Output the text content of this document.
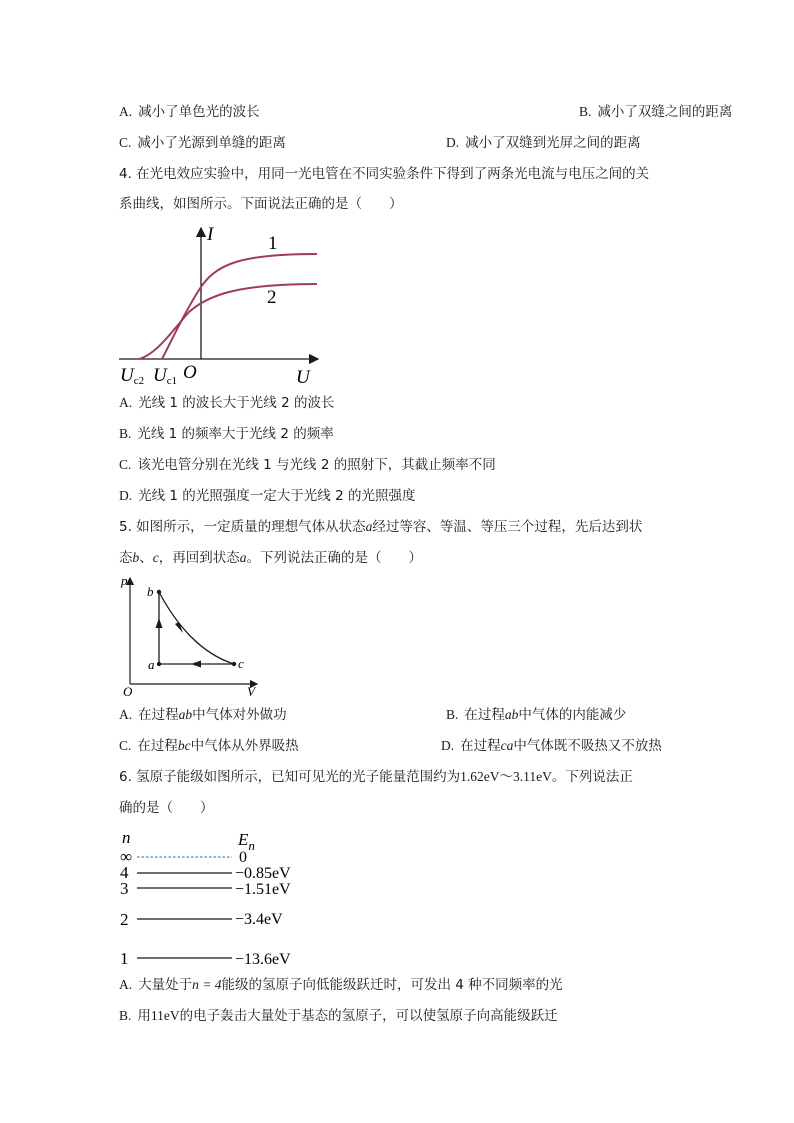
A. 减小了单色光的波长	B. 减小了双缝之间的距离
C. 减小了光源到单缝的距离	D. 减小了双缝到光屏之间的距离
4. 在光电效应实验中，用同一光电管在不同实验条件下得到了两条光电流与电压之间的关
系曲线，如图所示。下面说法正确的是（　　）
I	1
2
O	U
Uc2 Uc1
A. 光线 1 的波长大于光线 2 的波长
B. 光线 1 的频率大于光线 2 的频率
C. 该光电管分别在光线 1 与光线 2 的照射下，其截止频率不同
D. 光线 1 的光照强度一定大于光线 2 的光照强度
5. 如图所示，一定质量的理想气体从状态a经过等容、等温、等压三个过程，先后达到状
态b、c，再回到状态a。下列说法正确的是（　　）
p
b
a	c
O	V
A. 在过程ab中气体对外做功	B. 在过程ab中气体的内能减少
C. 在过程bc中气体从外界吸热	D. 在过程ca中气体既不吸热又不放热
6. 氢原子能级如图所示，已知可见光的光子能量范围约为1.62eV～3.11eV。下列说法正
确的是（　　）
n	$E_n$
∞	0
4	−0.85eV
3	−1.51eV
2	−3.4eV
1	−13.6eV
A. 大量处于n = 4能级的氢原子向低能级跃迁时，可发出 4 种不同频率的光
B. 用11eV的电子轰击大量处于基态的氢原子，可以使氢原子向高能级跃迁
